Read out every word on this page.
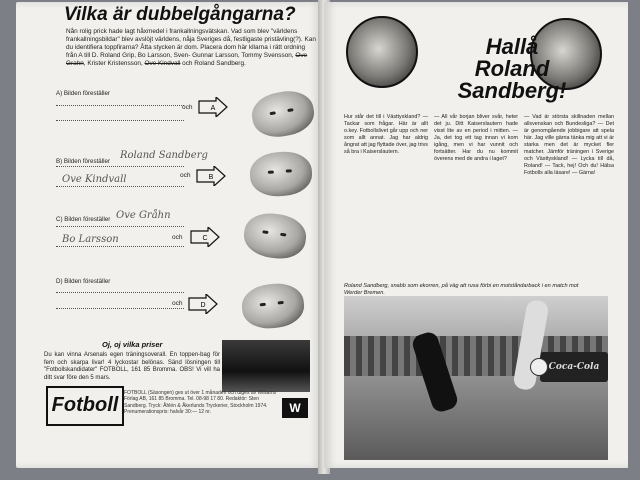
Vilka är dubbelgångarna?
Nån rolig prick hade lagt håxmedel i frankallningsvätskan. Vad som blev "världens frankallningsbildar" blev avslöjt världens, nåja Sveriges då, festligaste pristävling(?). Kan du identifiera toppfirarna? Åtta stycken är dom. Placera dom här kllarna i rätt ordning från A till D. Roland Grip, Bo Larsson, Sven- Gunnar Larsson, Tommy Svensson, Ove Grahn, Krister Kristensson, Ove Kindvall och Roland Sandberg.
A) Bilden föreställer
och	A
B) Bilden föreställer
Roland Sandberg
Ove Kindvall	och	B
C) Bilden föreställer Ove Gråhn
Bo Larsson	och	C
D) Bilden föreställer
och	D
Oj, oj vilka priser
Du kan vinna Arsenals egen träningsoverall. En toppen-bag för fem och skarpa livar! 4 lyckostar belönas. Sänd lösningen till "Fotbollskandidater" FOTBOLL, 161 85 Bromma. OBS! Vi vill ha ditt svar före den 5 mars.
Fotboll
FOTBOLL (Säsongen) ges ut över 1 månaden och utges av Williams Förlag AB, 161 85 Bromma. Tel. 08-98 17 80. Redaktör: Sten Sandberg. Tryck: Åhlén & Åkerlunds Tryckerier, Stockholm 1974. Prenumerationspris: halvår 30:— 12 nr.	W
Hallå
Roland
Sandberg!
Hur står det till i Västtyskland? — Tackar som frågar. Här är allt o.key. Fotbollslivet går upp och ner som allt annat. Jag har aldrig ångrat att jag flyttade över, jag trivs så bra i Kaiserslautern.
— All vår borjan bliver svår, heter det ju. Ditt Kaiserslautern hade visst lite av en period i mitten. — Ja, det tog ett tag innan vi kom igång, men vi har vunnit och fortsätter. Har du nu kommit överens med de andra i laget?
— Vad är största skillnaden mellan allsvenskan och Bundesliga? — Det är genomgående jobbigare att spela här. Jag ville gärna tänka mig att vi är starka men det är mycket fler matcher. Jämför träningen i Sverige och Västtyskland! — Lycka till då, Roland! — Tack, hej! Och du! Hälsa Fotbolls alla läsare! — Gärna!
Roland Sandberg, snabb som ekorren, på väg att rusa förbi en motståndarback i en match mot Werder Bremen.
Coca-Cola
